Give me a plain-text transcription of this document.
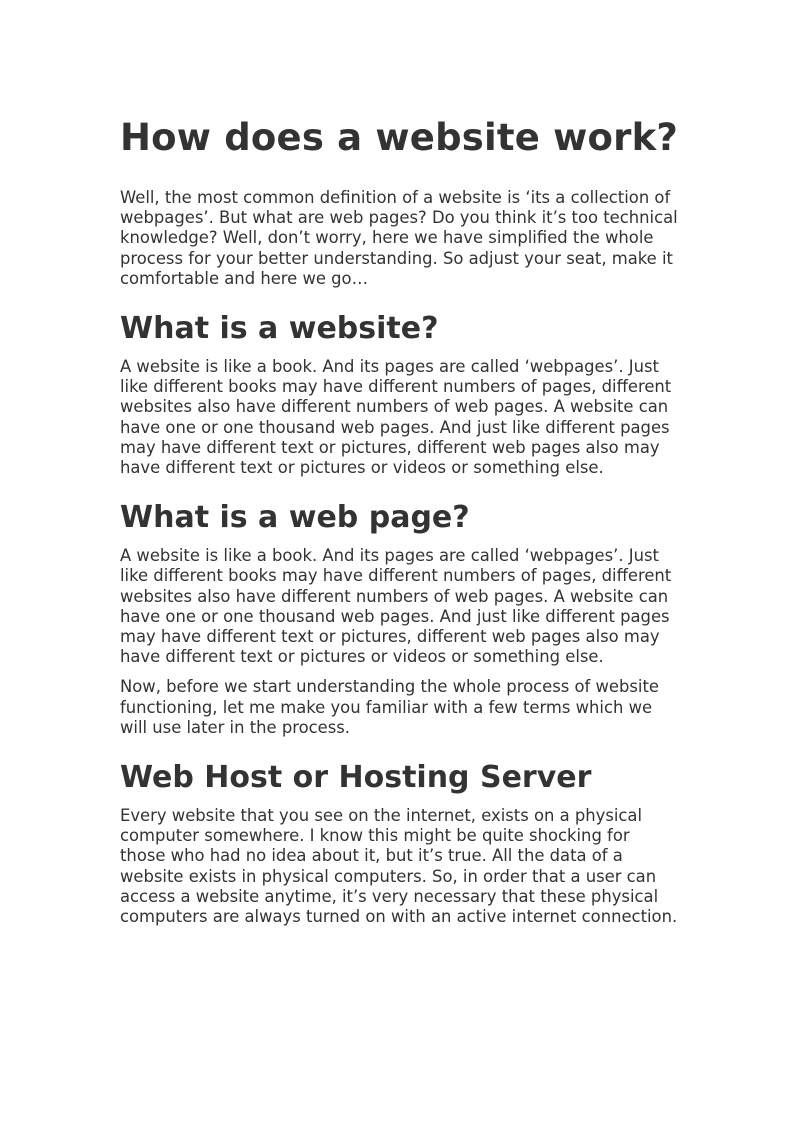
How does a website work?

Well, the most common definition of a website is ‘its a collection of webpages’. But what are web pages? Do you think it’s too technical knowledge? Well, don’t worry, here we have simplified the whole process for your better understanding. So adjust your seat, make it comfortable and here we go…

What is a website?

A website is like a book. And its pages are called ‘webpages’. Just like different books may have different numbers of pages, different websites also have different numbers of web pages. A website can have one or one thousand web pages. And just like different pages may have different text or pictures, different web pages also may have different text or pictures or videos or something else.

What is a web page?

A website is like a book. And its pages are called ‘webpages’. Just like different books may have different numbers of pages, different websites also have different numbers of web pages. A website can have one or one thousand web pages. And just like different pages may have different text or pictures, different web pages also may have different text or pictures or videos or something else.

Now, before we start understanding the whole process of website functioning, let me make you familiar with a few terms which we will use later in the process.

Web Host or Hosting Server

Every website that you see on the internet, exists on a physical computer somewhere. I know this might be quite shocking for those who had no idea about it, but it’s true. All the data of a website exists in physical computers. So, in order that a user can access a website anytime, it’s very necessary that these physical computers are always turned on with an active internet connection.
